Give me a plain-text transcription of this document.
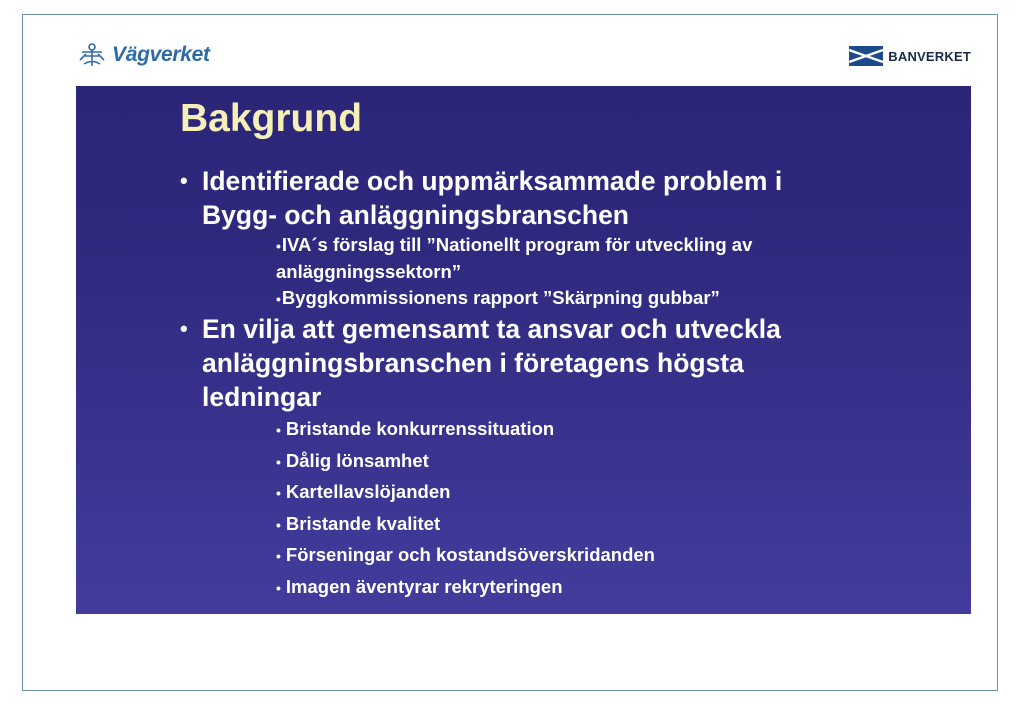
Vägverket	BANVERKET
Bakgrund
• Identifierade och uppmärksammade problem i
Bygg- och anläggningsbranschen
•IVA´s förslag till ”Nationellt program för utveckling av
anläggningssektorn”
•Byggkommissionens rapport ”Skärpning gubbar”
• En vilja att gemensamt ta ansvar och utveckla
anläggningsbranschen i företagens högsta
ledningar
• Bristande konkurrenssituation
• Dålig lönsamhet
• Kartellavslöjanden
• Bristande kvalitet
• Förseningar och kostandsöverskridanden
• Imagen äventyrar rekryteringen
